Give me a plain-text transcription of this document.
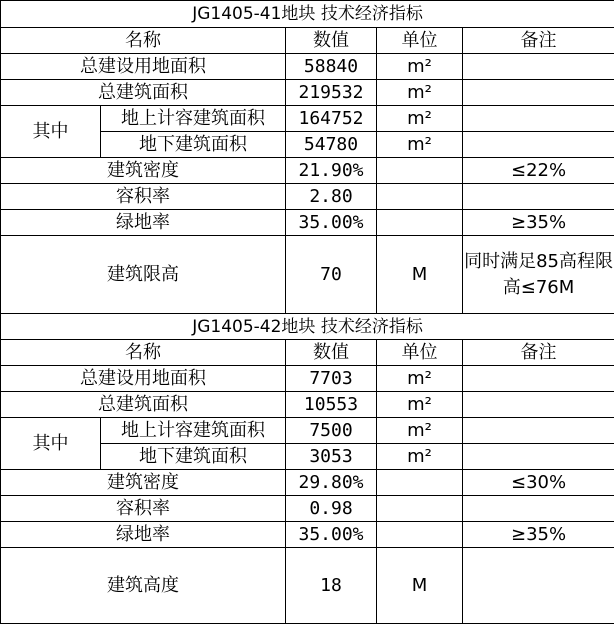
JG1405-41地块 技术经济指标				
名称		数值	单位	备注
总建设用地面积		58840	m²	
总建筑面积		219532	m²	
其中	地上计容建筑面积	164752	m²	
	地下建筑面积	54780	m²	
建筑密度		21.90%		≤22%
容积率		2.80		
绿地率		35.00%		≥35%
建筑限高		70	M	同时满足85高程限高≤76M
JG1405-42地块 技术经济指标				
名称		数值	单位	备注
总建设用地面积		7703	m²	
总建筑面积		10553	m²	
其中	地上计容建筑面积	7500	m²	
	地下建筑面积	3053	m²	
建筑密度		29.80%		≤30%
容积率		0.98		
绿地率		35.00%		≥35%
建筑高度		18	M	
